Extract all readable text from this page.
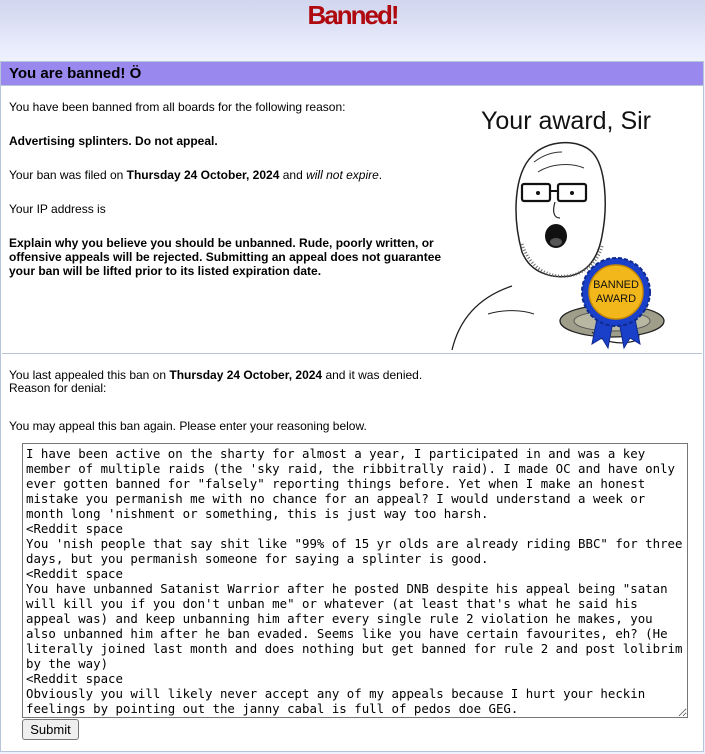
Banned!
You are banned! Ö

You have been banned from all boards for the following reason:

Advertising splinters. Do not appeal.

Your ban was filed on Thursday 24 October, 2024 and will not expire.

Your IP address is

Explain why you believe you should be unbanned. Rude, poorly written, or offensive appeals will be rejected. Submitting an appeal does not guarantee your ban will be lifted prior to its listed expiration date.

Your award, Sir
BANNED
AWARD

You last appealed this ban on Thursday 24 October, 2024 and it was denied.

Reason for denial:

You may appeal this ban again. Please enter your reasoning below.

I have been active on the sharty for almost a year, I participated in and was a key member of multiple raids (the 'sky raid, the ribbitrally raid). I made OC and have only ever gotten banned for "falsely" reporting things before. Yet when I make an honest mistake you permanish me with no chance for an appeal? I would understand a week or month long 'nishment or something, this is just way too harsh. <Reddit space You 'nish people that say shit like "99% of 15 yr olds are already riding BBC" for three days, but you permanish someone for saying a splinter is good. <Reddit space You have unbanned Satanist Warrior after he posted DNB despite his appeal being "satan will kill you if you don't unban me" or whatever (at least that's what he said his appeal was) and keep unbanning him after every single rule 2 violation he makes, you also unbanned him after he ban evaded. Seems like you have certain favourites, eh? (He literally joined last month and does nothing but get banned for rule 2 and post lolibrim by the way) <Reddit space Obviously you will likely never accept any of my appeals because I hurt your heckin feelings by pointing out the janny cabal is full of pedos doe GEG.
Submit
